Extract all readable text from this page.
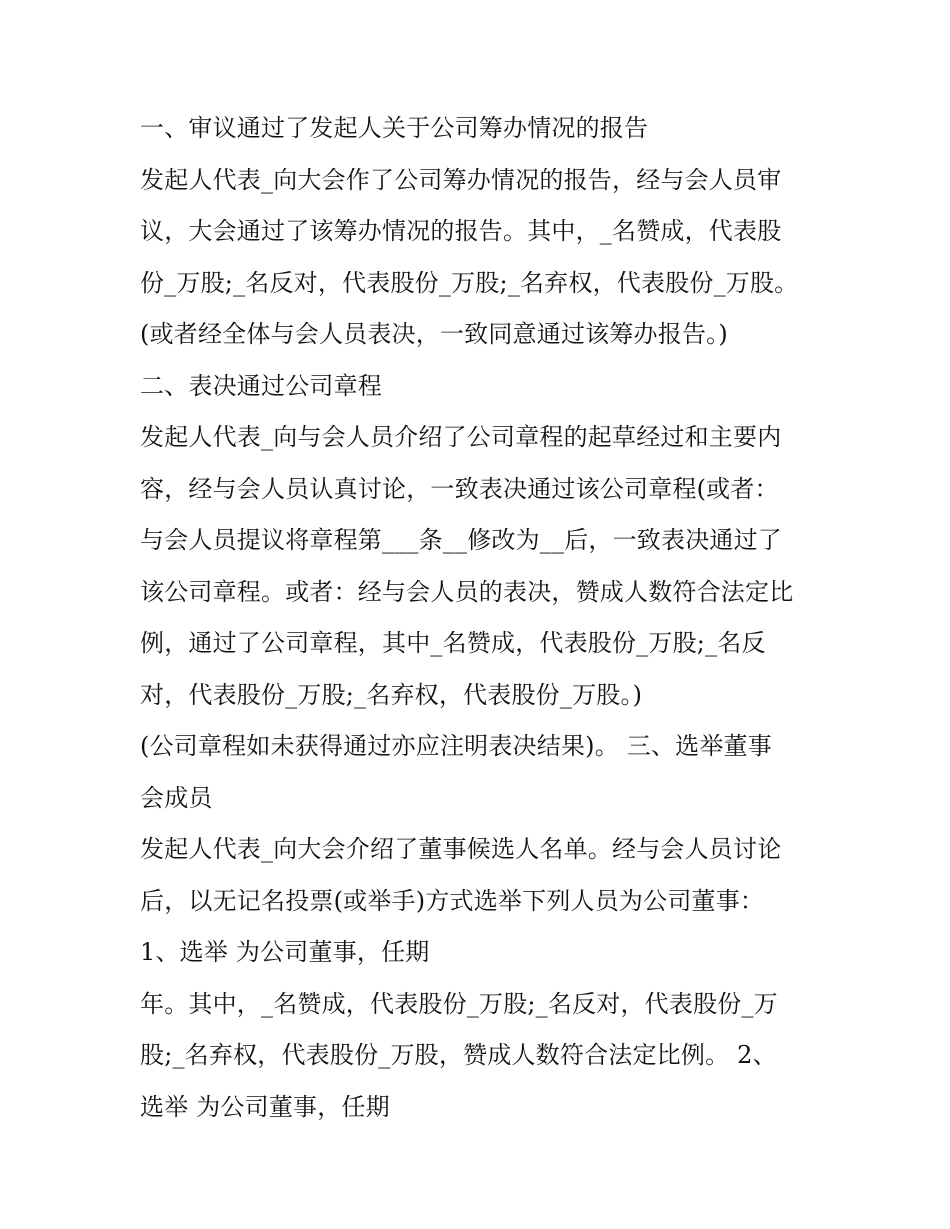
一、审议通过了发起人关于公司筹办情况的报告
发起人代表_向大会作了公司筹办情况的报告，经与会人员审
议，大会通过了该筹办情况的报告。其中，_名赞成，代表股
份_万股;_名反对，代表股份_万股;_名弃权，代表股份_万股。
(或者经全体与会人员表决，一致同意通过该筹办报告。)
二、表决通过公司章程
发起人代表_向与会人员介绍了公司章程的起草经过和主要内
容，经与会人员认真讨论，一致表决通过该公司章程(或者：
与会人员提议将章程第___条__修改为__后，一致表决通过了
该公司章程。或者：经与会人员的表决，赞成人数符合法定比
例，通过了公司章程，其中_名赞成，代表股份_万股;_名反
对，代表股份_万股;_名弃权，代表股份_万股。)
(公司章程如未获得通过亦应注明表决结果)。 三、选举董事
会成员
发起人代表_向大会介绍了董事候选人名单。经与会人员讨论
后，以无记名投票(或举手)方式选举下列人员为公司董事：
1、选举 为公司董事，任期
年。其中，_名赞成，代表股份_万股;_名反对，代表股份_万
股;_名弃权，代表股份_万股，赞成人数符合法定比例。 2、
选举 为公司董事，任期
